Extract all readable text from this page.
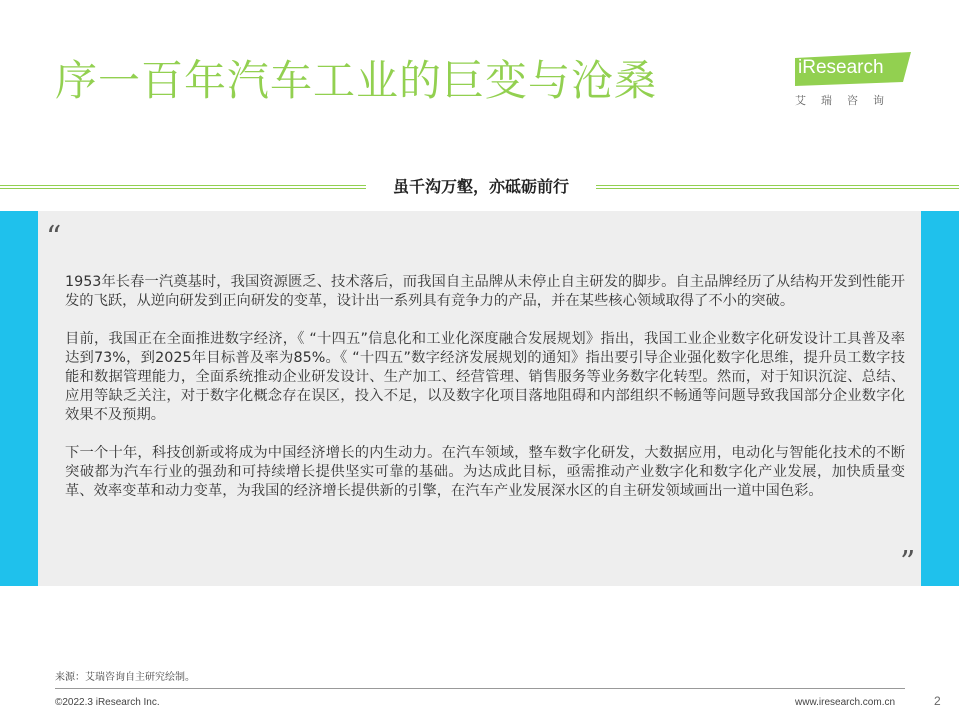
序一百年汽车工业的巨变与沧桑	iResearch
艾瑞咨询
虽千沟万壑，亦砥砺前行
“

1953年长春一汽奠基时，我国资源匮乏、技术落后，而我国自主品牌从未停止自主研发的脚步。自主品牌经历了从结构开发到性能开发的飞跃，从逆向研发到正向研发的变革，设计出一系列具有竞争力的产品，并在某些核心领域取得了不小的突破。

目前，我国正在全面推进数字经济，《 “十四五”信息化和工业化深度融合发展规划》指出，我国工业企业数字化研发设计工具普及率达到73%，到2025年目标普及率为85%。《 “十四五”数字经济发展规划的通知》指出要引导企业强化数字化思维，提升员工数字技能和数据管理能力，全面系统推动企业研发设计、生产加工、经营管理、销售服务等业务数字化转型。然而，对于知识沉淀、总结、应用等缺乏关注，对于数字化概念存在误区，投入不足，以及数字化项目落地阻碍和内部组织不畅通等问题导致我国部分企业数字化效果不及预期。

下一个十年，科技创新或将成为中国经济增长的内生动力。在汽车领域，整车数字化研发，大数据应用，电动化与智能化技术的不断突破都为汽车行业的强劲和可持续增长提供坚实可靠的基础。为达成此目标，亟需推动产业数字化和数字化产业发展，加快质量变革、效率变革和动力变革，为我国的经济增长提供新的引擎，在汽车产业发展深水区的自主研发领域画出一道中国色彩。

”
来源：艾瑞咨询自主研究绘制。
©2022.3 iResearch Inc.	www.iresearch.com.cn	2
